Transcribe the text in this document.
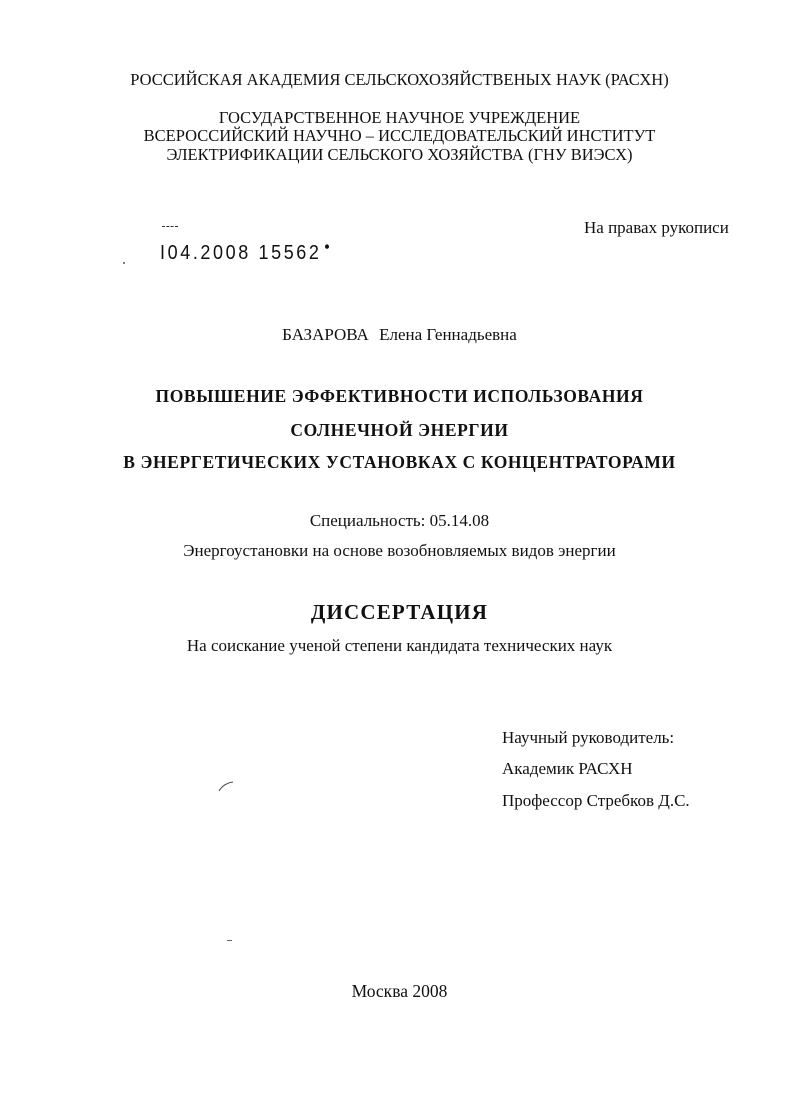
РОССИЙСКАЯ АКАДЕМИЯ СЕЛЬСКОХОЗЯЙСТВЕНЫХ НАУК (РАСХН)
ГОСУДАРСТВЕННОЕ НАУЧНОЕ УЧРЕЖДЕНИЕ
ВСЕРОССИЙСКИЙ НАУЧНО – ИССЛЕДОВАТЕЛЬСКИЙ ИНСТИТУТ
ЭЛЕКТРИФИКАЦИИ СЕЛЬСКОГО ХОЗЯЙСТВА (ГНУ ВИЭСХ)
На правах рукописи
I04.2008 15562
БАЗАРОВА Елена Геннадьевна
ПОВЫШЕНИЕ ЭФФЕКТИВНОСТИ ИСПОЛЬЗОВАНИЯ
СОЛНЕЧНОЙ ЭНЕРГИИ
В ЭНЕРГЕТИЧЕСКИХ УСТАНОВКАХ С КОНЦЕНТРАТОРАМИ
Специальность: 05.14.08
Энергоустановки на основе возобновляемых видов энергии
ДИССЕРТАЦИЯ
На соискание ученой степени кандидата технических наук
Научный руководитель:
Академик РАСХН
Профессор Стребков Д.С.
Москва 2008
